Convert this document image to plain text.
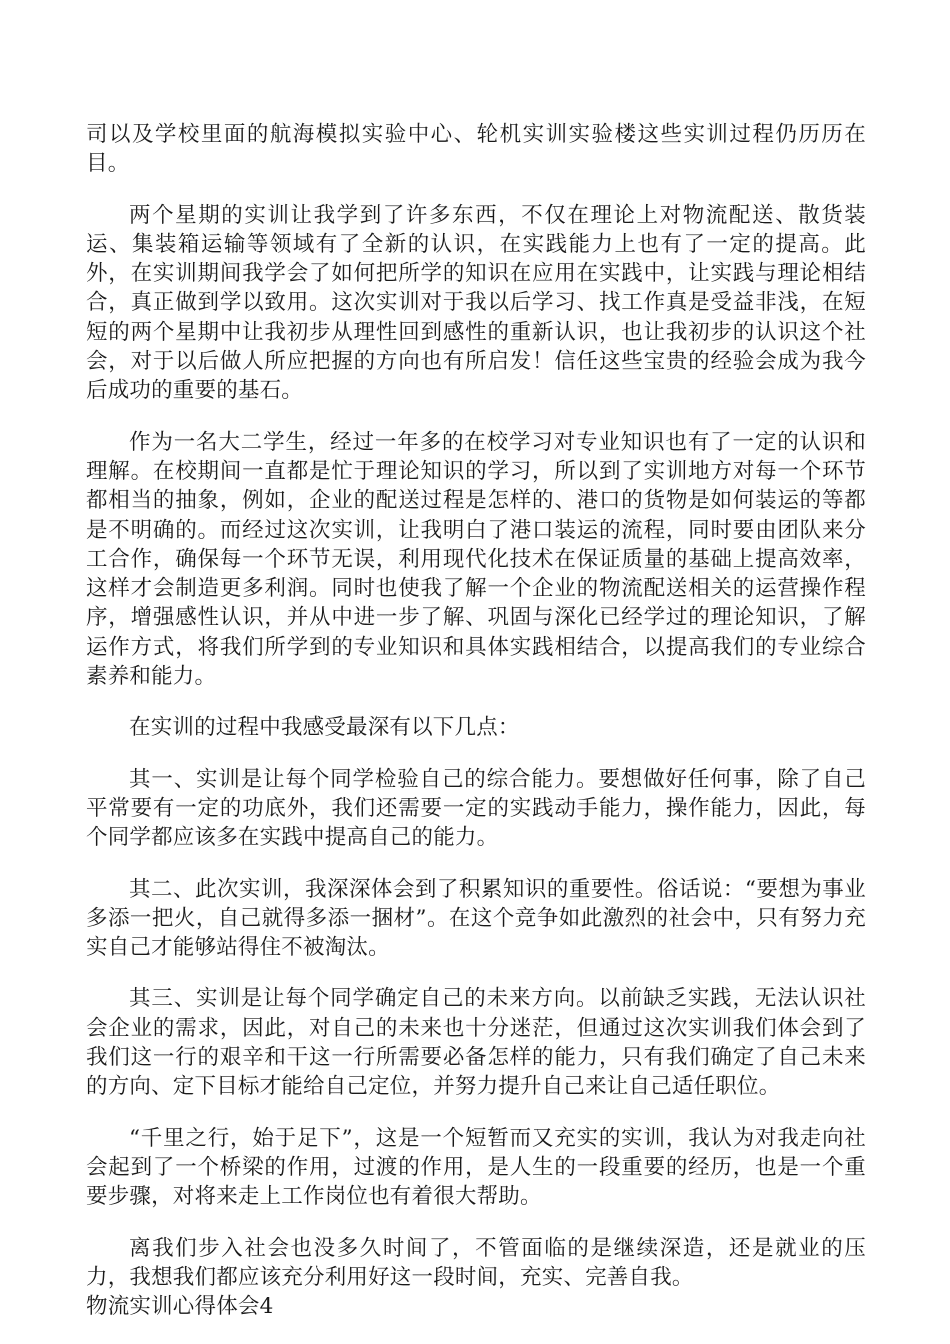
司以及学校里面的航海模拟实验中心、轮机实训实验楼这些实训过程仍历历在目。

两个星期的实训让我学到了许多东西，不仅在理论上对物流配送、散货装运、集装箱运输等领域有了全新的认识，在实践能力上也有了一定的提高。此外，在实训期间我学会了如何把所学的知识在应用在实践中，让实践与理论相结合，真正做到学以致用。这次实训对于我以后学习、找工作真是受益非浅，在短短的两个星期中让我初步从理性回到感性的重新认识，也让我初步的认识这个社会，对于以后做人所应把握的方向也有所启发！信任这些宝贵的经验会成为我今后成功的重要的基石。

作为一名大二学生，经过一年多的在校学习对专业知识也有了一定的认识和理解。在校期间一直都是忙于理论知识的学习，所以到了实训地方对每一个环节都相当的抽象，例如，企业的配送过程是怎样的、港口的货物是如何装运的等都是不明确的。而经过这次实训，让我明白了港口装运的流程，同时要由团队来分工合作，确保每一个环节无误，利用现代化技术在保证质量的基础上提高效率，这样才会制造更多利润。同时也使我了解一个企业的物流配送相关的运营操作程序，增强感性认识，并从中进一步了解、巩固与深化已经学过的理论知识，了解运作方式，将我们所学到的专业知识和具体实践相结合，以提高我们的专业综合素养和能力。

在实训的过程中我感受最深有以下几点：

其一、实训是让每个同学检验自己的综合能力。要想做好任何事，除了自己平常要有一定的功底外，我们还需要一定的实践动手能力，操作能力，因此，每个同学都应该多在实践中提高自己的能力。

其二、此次实训，我深深体会到了积累知识的重要性。俗话说：“要想为事业多添一把火，自己就得多添一捆材”。在这个竞争如此激烈的社会中，只有努力充实自己才能够站得住不被淘汰。

其三、实训是让每个同学确定自己的未来方向。以前缺乏实践，无法认识社会企业的需求，因此，对自己的未来也十分迷茫，但通过这次实训我们体会到了我们这一行的艰辛和干这一行所需要必备怎样的能力，只有我们确定了自己未来的方向、定下目标才能给自己定位，并努力提升自己来让自己适任职位。

“千里之行，始于足下”，这是一个短暂而又充实的实训，我认为对我走向社会起到了一个桥梁的作用，过渡的作用，是人生的一段重要的经历，也是一个重要步骤，对将来走上工作岗位也有着很大帮助。

离我们步入社会也没多久时间了，不管面临的是继续深造，还是就业的压力，我想我们都应该充分利用好这一段时间，充实、完善自我。

物流实训心得体会4
